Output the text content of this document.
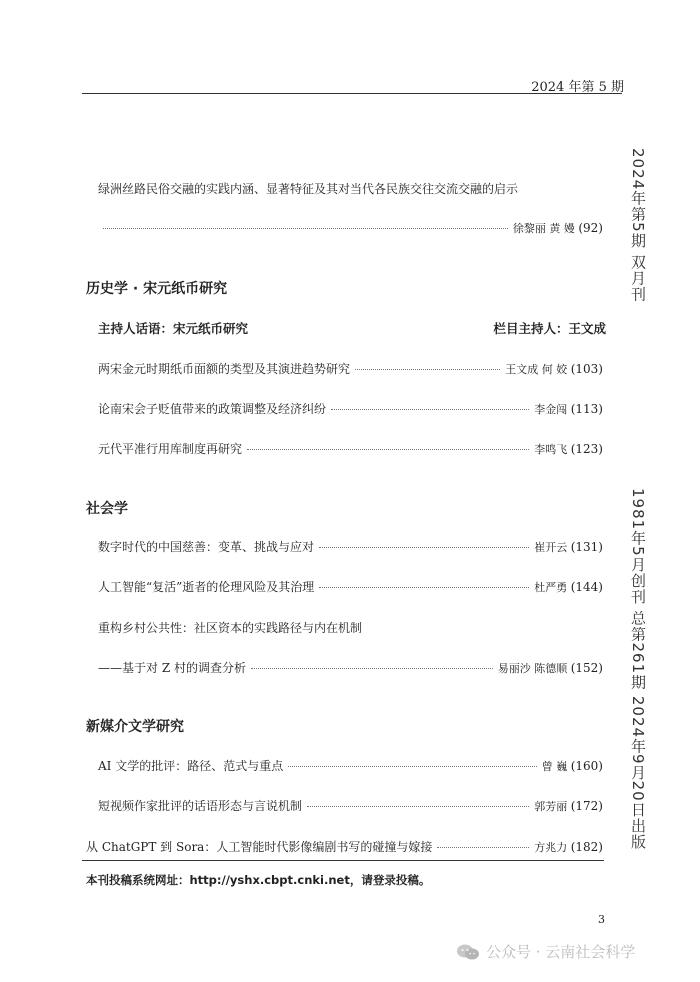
2024 年第 5 期
2024年第5期 双月刊
1981年5月创刊 总第261期 2024年9月20日出版
绿洲丝路民俗交融的实践内涵、显著特征及其对当代各民族交往交流交融的启示
徐黎丽 黄 嫚 (92)
历史学 · 宋元纸币研究
主持人话语：宋元纸币研究	栏目主持人：王文成
两宋金元时期纸币面额的类型及其演进趋势研究	王文成 何 姣 (103)
论南宋会子贬值带来的政策调整及经济纠纷	李金闯 (113)
元代平准行用库制度再研究	李鸣飞 (123)
社会学
数字时代的中国慈善：变革、挑战与应对	崔开云 (131)
人工智能“复活”逝者的伦理风险及其治理	杜严勇 (144)
重构乡村公共性：社区资本的实践路径与内在机制
——基于对 Z 村的调查分析	易丽沙 陈德顺 (152)
新媒介文学研究
AI 文学的批评：路径、范式与重点	曾 巍 (160)
短视频作家批评的话语形态与言说机制	郭芳丽 (172)
从 ChatGPT 到 Sora：人工智能时代影像编剧书写的碰撞与嫁接	方兆力 (182)
本刊投稿系统网址：http://yshx.cbpt.cnki.net，请登录投稿。
3
公众号 · 云南社会科学
